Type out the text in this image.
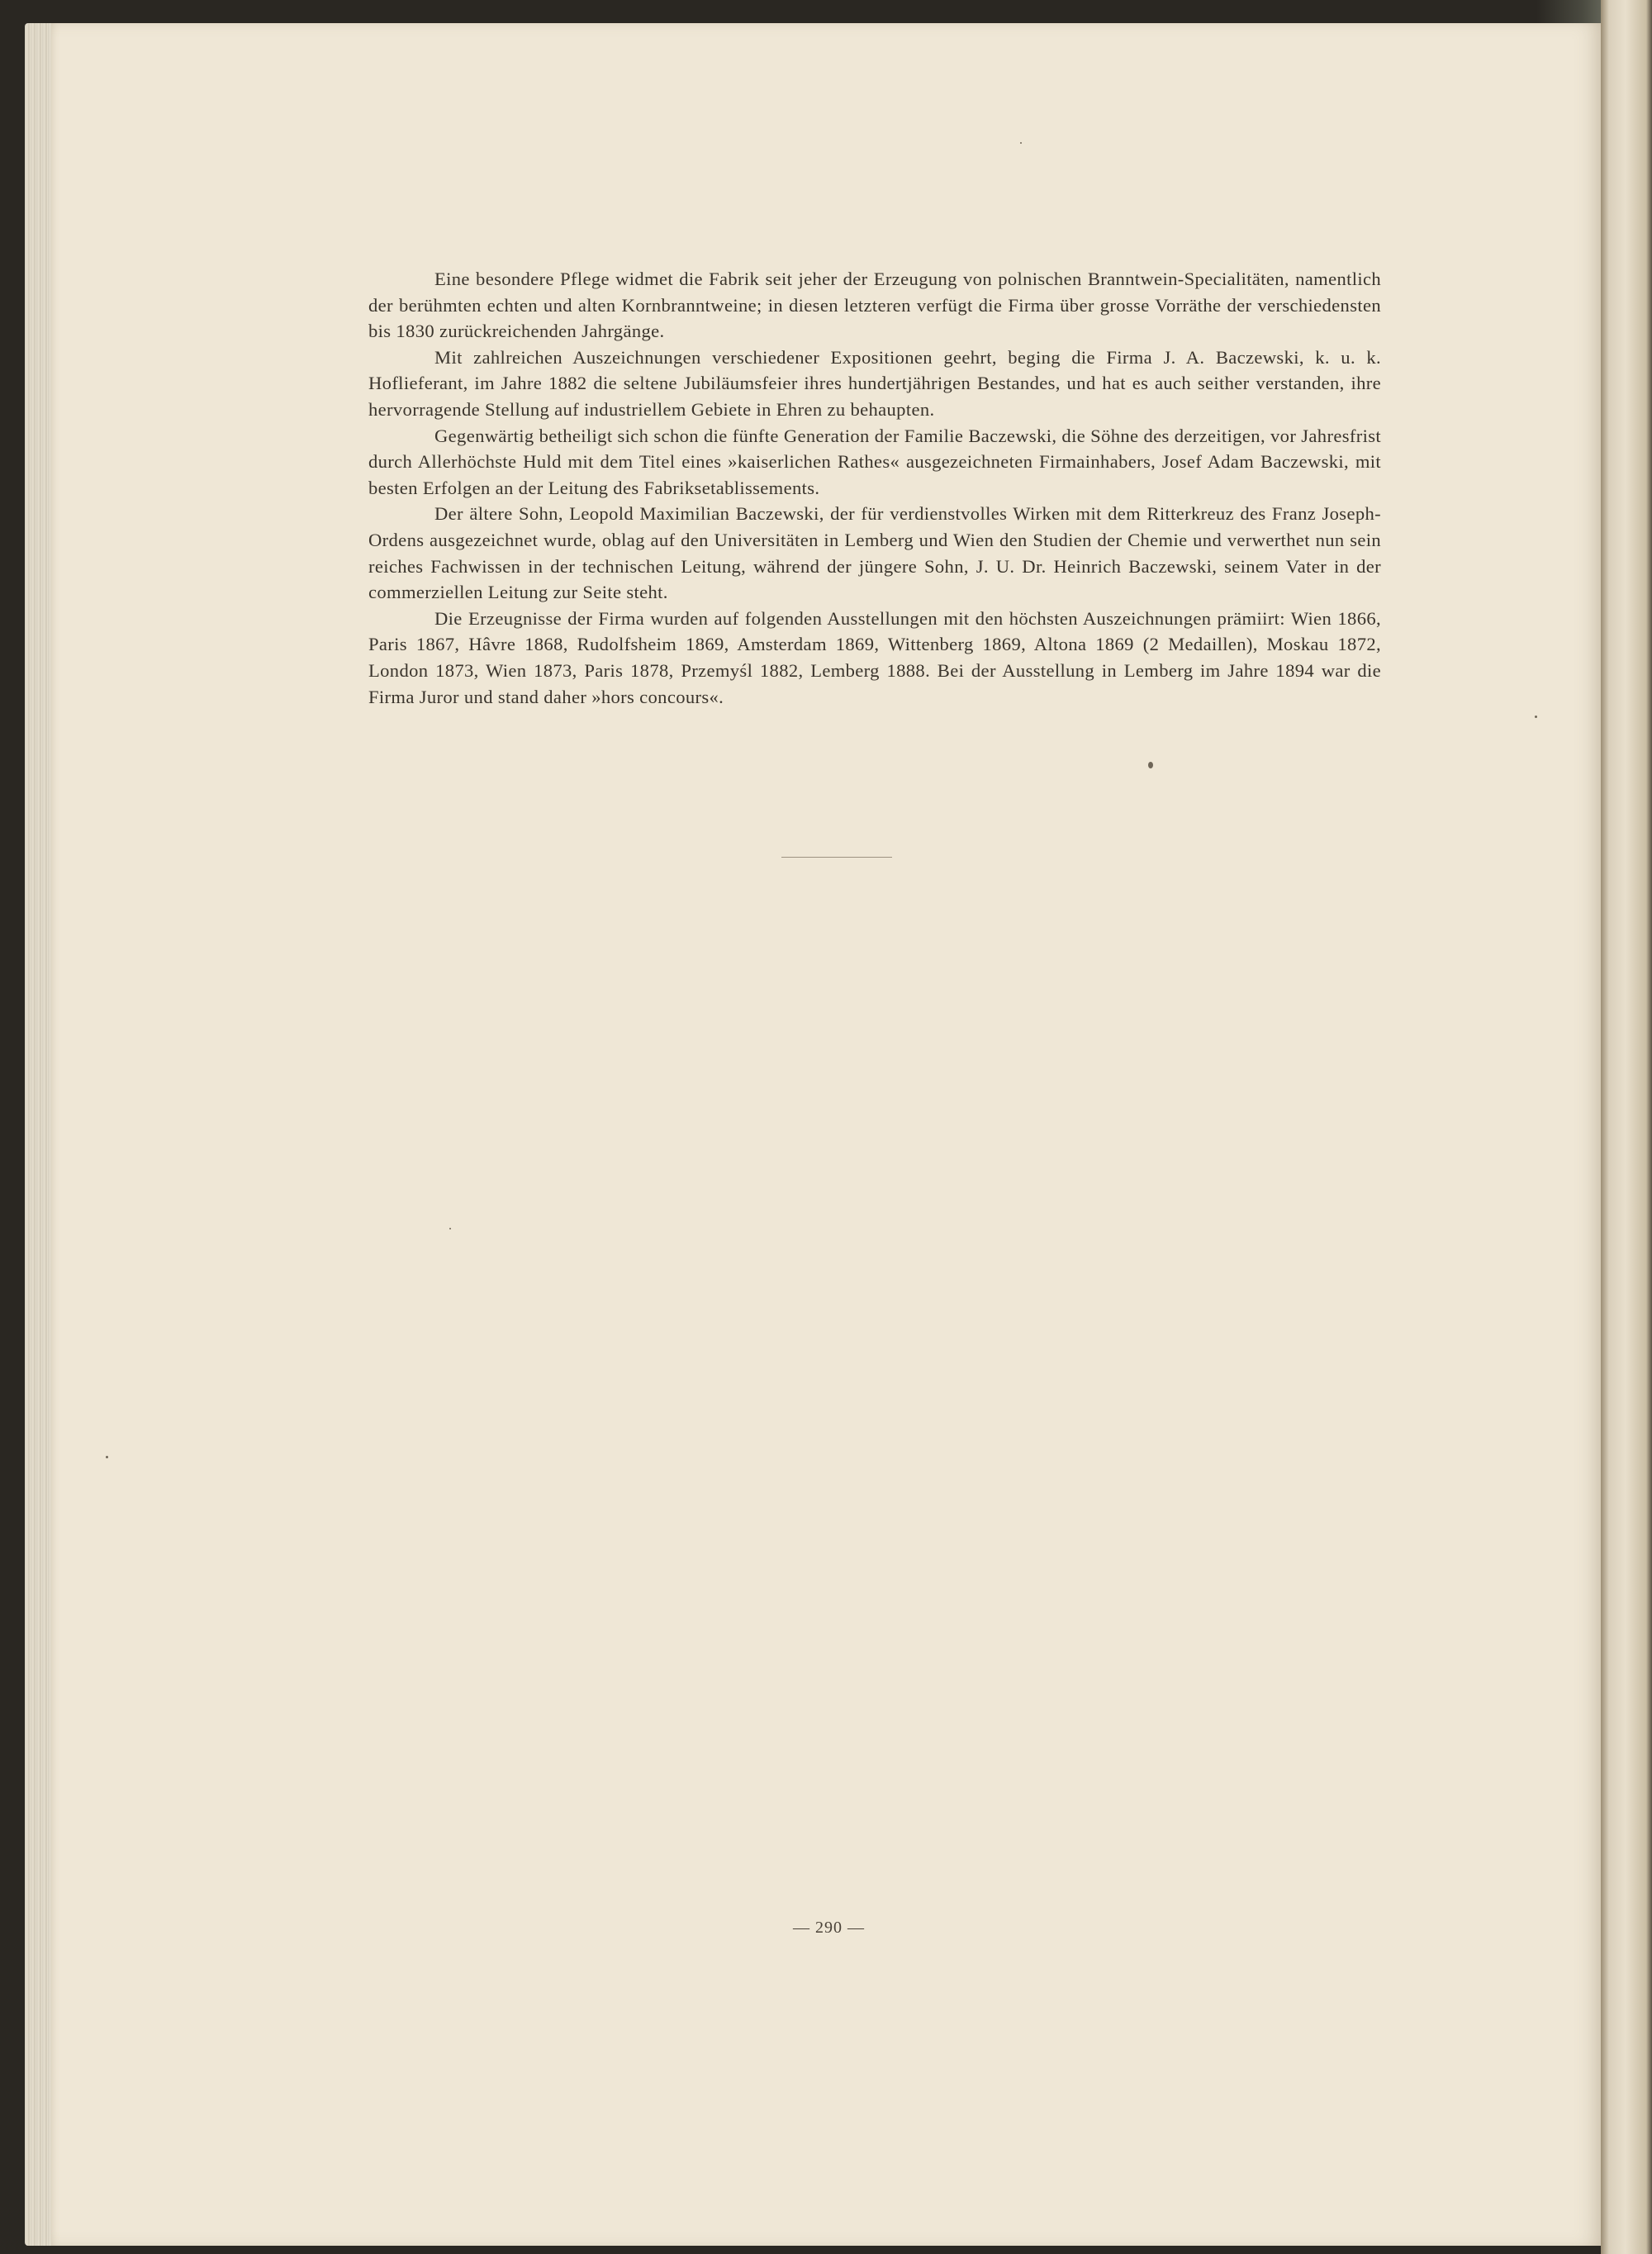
Eine besondere Pflege widmet die Fabrik seit jeher der Erzeugung von polnischen Branntwein-Specialitäten, namentlich der berühmten echten und alten Kornbranntweine; in diesen letzteren verfügt die Firma über grosse Vorräthe der verschiedensten bis 1830 zurückreichenden Jahrgänge.

Mit zahlreichen Auszeichnungen verschiedener Expositionen geehrt, beging die Firma J. A. Baczewski, k. u. k. Hoflieferant, im Jahre 1882 die seltene Jubiläumsfeier ihres hundertjährigen Bestandes, und hat es auch seither verstanden, ihre hervorragende Stellung auf industriellem Gebiete in Ehren zu behaupten.

Gegenwärtig betheiligt sich schon die fünfte Generation der Familie Baczewski, die Söhne des derzeitigen, vor Jahresfrist durch Allerhöchste Huld mit dem Titel eines »kaiserlichen Rathes« ausgezeichneten Firmainhabers, Josef Adam Baczewski, mit besten Erfolgen an der Leitung des Fabriksetablissements.

Der ältere Sohn, Leopold Maximilian Baczewski, der für verdienstvolles Wirken mit dem Ritterkreuz des Franz Joseph-Ordens ausgezeichnet wurde, oblag auf den Universitäten in Lemberg und Wien den Studien der Chemie und verwerthet nun sein reiches Fachwissen in der technischen Leitung, während der jüngere Sohn, J. U. Dr. Heinrich Baczewski, seinem Vater in der commerziellen Leitung zur Seite steht.

Die Erzeugnisse der Firma wurden auf folgenden Ausstellungen mit den höchsten Auszeichnungen prämiirt: Wien 1866, Paris 1867, Hâvre 1868, Rudolfsheim 1869, Amsterdam 1869, Wittenberg 1869, Altona 1869 (2 Medaillen), Moskau 1872, London 1873, Wien 1873, Paris 1878, Przemyśl 1882, Lemberg 1888. Bei der Ausstellung in Lemberg im Jahre 1894 war die Firma Juror und stand daher »hors concours«.

— 290 —
